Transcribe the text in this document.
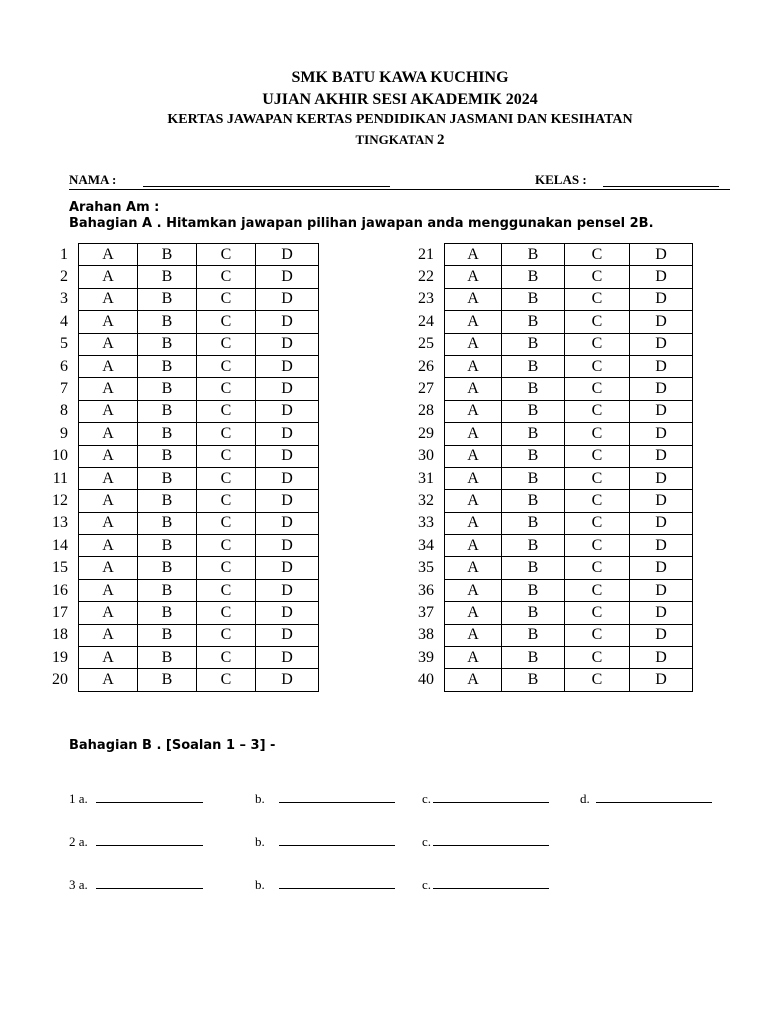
SMK BATU KAWA KUCHING
UJIAN AKHIR SESI AKADEMIK 2024
KERTAS JAWAPAN KERTAS PENDIDIKAN JASMANI DAN KESIHATAN
TINGKATAN 2
NAMA :	KELAS :
Arahan Am :
Bahagian A . Hitamkan jawapan pilihan jawapan anda menggunakan pensel 2B.
1	A	B	C	D
2	A	B	C	D
3	A	B	C	D
4	A	B	C	D
5	A	B	C	D
6	A	B	C	D
7	A	B	C	D
8	A	B	C	D
9	A	B	C	D
10	A	B	C	D
11	A	B	C	D
12	A	B	C	D
13	A	B	C	D
14	A	B	C	D
15	A	B	C	D
16	A	B	C	D
17	A	B	C	D
18	A	B	C	D
19	A	B	C	D
20	A	B	C	D
21	A	B	C	D
22	A	B	C	D
23	A	B	C	D
24	A	B	C	D
25	A	B	C	D
26	A	B	C	D
27	A	B	C	D
28	A	B	C	D
29	A	B	C	D
30	A	B	C	D
31	A	B	C	D
32	A	B	C	D
33	A	B	C	D
34	A	B	C	D
35	A	B	C	D
36	A	B	C	D
37	A	B	C	D
38	A	B	C	D
39	A	B	C	D
40	A	B	C	D
Bahagian B . [Soalan 1 – 3] -
1 a.	b.	c.	d.
2 a.	b.	c.
3 a.	b.	c.
